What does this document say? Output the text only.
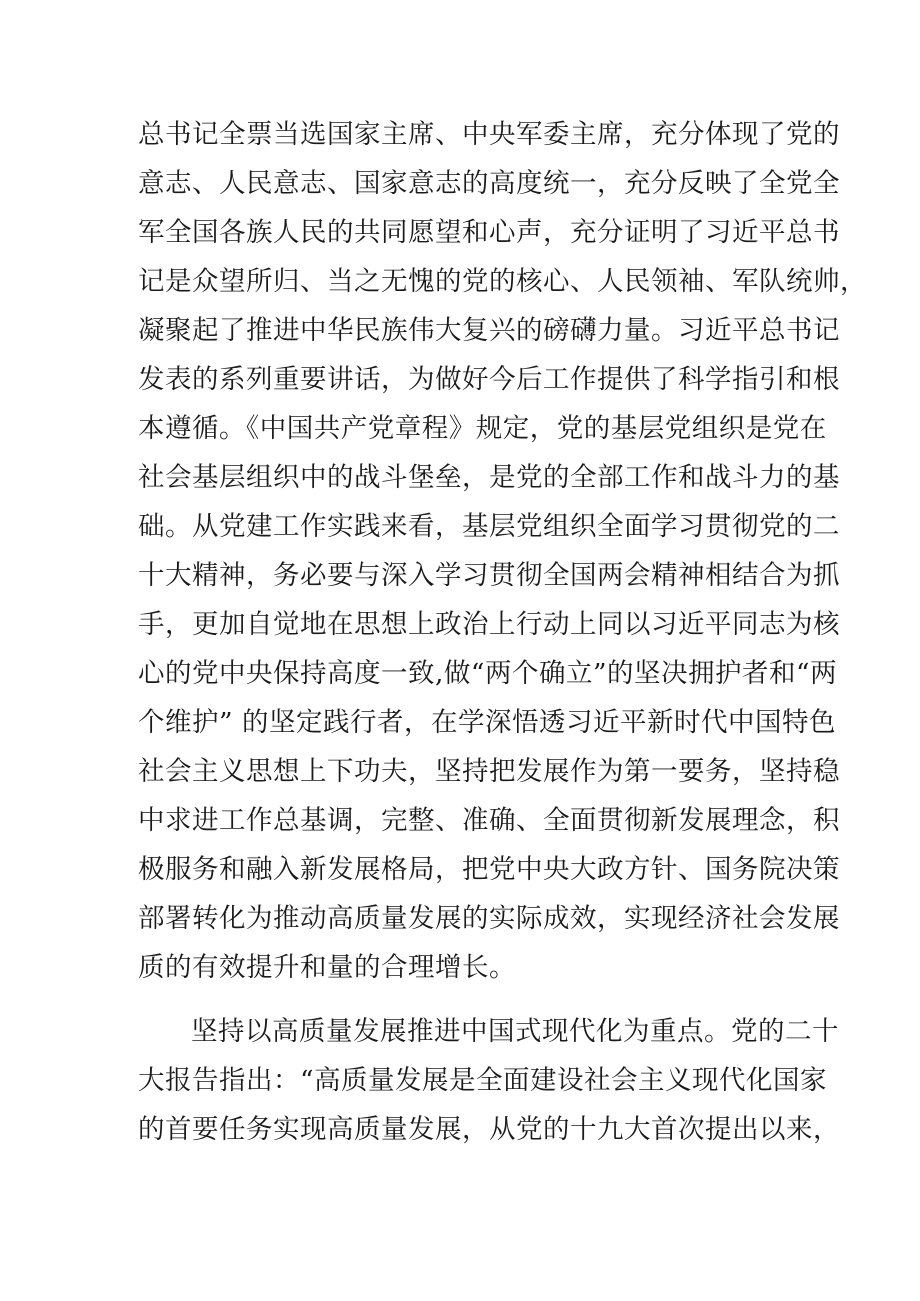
总书记全票当选国家主席、中央军委主席，充分体现了党的
意志、人民意志、国家意志的高度统一，充分反映了全党全
军全国各族人民的共同愿望和心声，充分证明了习近平总书
记是众望所归、当之无愧的党的核心、人民领袖、军队统帅，
凝聚起了推进中华民族伟大复兴的磅礴力量。习近平总书记
发表的系列重要讲话，为做好今后工作提供了科学指引和根
本遵循。《中国共产党章程》规定，党的基层党组织是党在
社会基层组织中的战斗堡垒，是党的全部工作和战斗力的基
础。从党建工作实践来看，基层党组织全面学习贯彻党的二
十大精神，务必要与深入学习贯彻全国两会精神相结合为抓
手，更加自觉地在思想上政治上行动上同以习近平同志为核
心的党中央保持高度一致,做“两个确立”的坚决拥护者和“两
个维护” 的坚定践行者，在学深悟透习近平新时代中国特色
社会主义思想上下功夫，坚持把发展作为第一要务，坚持稳
中求进工作总基调，完整、准确、全面贯彻新发展理念，积
极服务和融入新发展格局，把党中央大政方针、国务院决策
部署转化为推动高质量发展的实际成效，实现经济社会发展
质的有效提升和量的合理增长。
坚持以高质量发展推进中国式现代化为重点。党的二十
大报告指出：“高质量发展是全面建设社会主义现代化国家
的首要任务实现高质量发展，从党的十九大首次提出以来，
